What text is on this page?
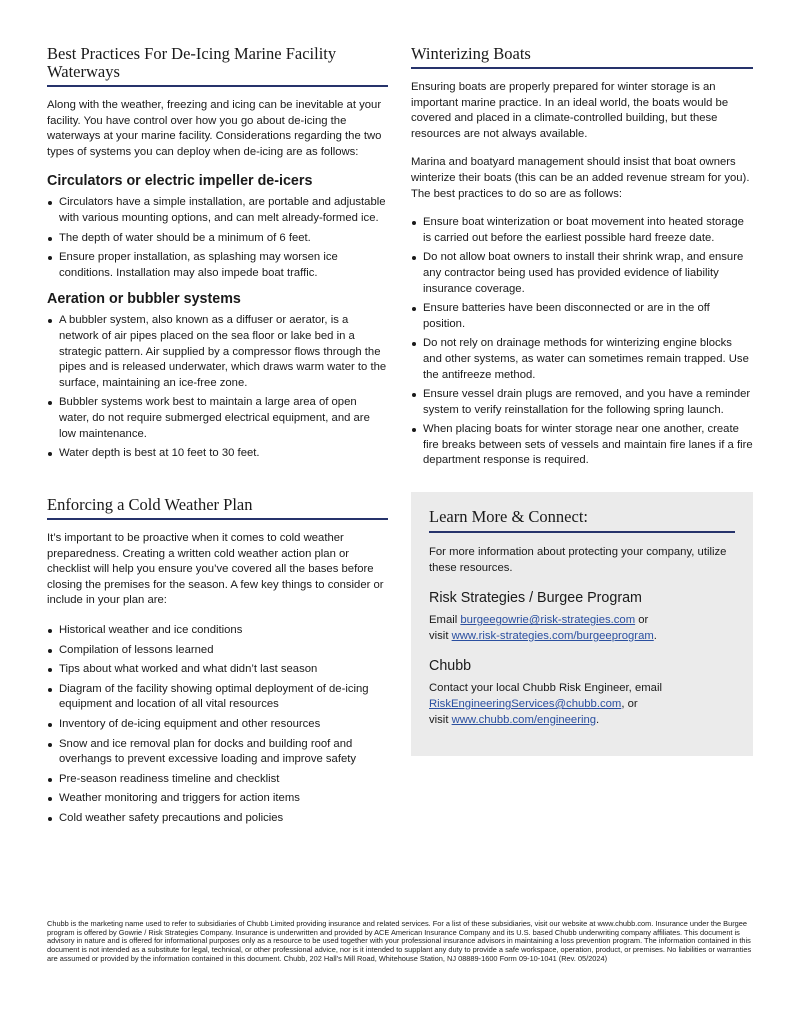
Best Practices For De-Icing Marine Facility Waterways

Along with the weather, freezing and icing can be inevitable at your facility. You have control over how you go about de-icing the waterways at your marine facility. Considerations regarding the two types of systems you can deploy when de-icing are as follows:

Circulators or electric impeller de-icers
Circulators have a simple installation, are portable and adjustable with various mounting options, and can melt already-formed ice.
The depth of water should be a minimum of 6 feet.
Ensure proper installation, as splashing may worsen ice conditions. Installation may also impede boat traffic.
Aeration or bubbler systems
A bubbler system, also known as a diffuser or aerator, is a network of air pipes placed on the sea floor or lake bed in a strategic pattern. Air supplied by a compressor flows through the pipes and is released underwater, which draws warm water to the surface, maintaining an ice-free zone.
Bubbler systems work best to maintain a large area of open water, do not require submerged electrical equipment, and are low maintenance.
Water depth is best at 10 feet to 30 feet.
Enforcing a Cold Weather Plan

It’s important to be proactive when it comes to cold weather preparedness. Creating a written cold weather action plan or checklist will help you ensure you’ve covered all the bases before closing the premises for the season. A few key things to consider or include in your plan are:

Historical weather and ice conditions
Compilation of lessons learned
Tips about what worked and what didn’t last season
Diagram of the facility showing optimal deployment of de-icing equipment and location of all vital resources
Inventory of de-icing equipment and other resources
Snow and ice removal plan for docks and building roof and overhangs to prevent excessive loading and improve safety
Pre-season readiness timeline and checklist
Weather monitoring and triggers for action items
Cold weather safety precautions and policies
Winterizing Boats

Ensuring boats are properly prepared for winter storage is an important marine practice. In an ideal world, the boats would be covered and placed in a climate-controlled building, but these resources are not always available.

Marina and boatyard management should insist that boat owners winterize their boats (this can be an added revenue stream for you). The best practices to do so are as follows:

Ensure boat winterization or boat movement into heated storage is carried out before the earliest possible hard freeze date.
Do not allow boat owners to install their shrink wrap, and ensure any contractor being used has provided evidence of liability insurance coverage.
Ensure batteries have been disconnected or are in the off position.
Do not rely on drainage methods for winterizing engine blocks and other systems, as water can sometimes remain trapped. Use the antifreeze method.
Ensure vessel drain plugs are removed, and you have a reminder system to verify reinstallation for the following spring launch.
When placing boats for winter storage near one another, create fire breaks between sets of vessels and maintain fire lanes if a fire department response is required.
Learn More & Connect:

For more information about protecting your company, utilize these resources.

Risk Strategies / Burgee Program

Email burgeegowrie@risk-strategies.com or
visit www.risk-strategies.com/burgeeprogram.

Chubb

Contact your local Chubb Risk Engineer, email
RiskEngineeringServices@chubb.com, or
visit www.chubb.com/engineering.

Chubb is the marketing name used to refer to subsidiaries of Chubb Limited providing insurance and related services. For a list of these subsidiaries, visit our website at www.chubb.com. Insurance under the Burgee program is offered by Gowrie / Risk Strategies Company. Insurance is underwritten and provided by ACE American Insurance Company and its U.S. based Chubb underwriting company affiliates. This document is advisory in nature and is offered for informational purposes only as a resource to be used together with your professional insurance advisors in maintaining a loss prevention program. The information contained in this document is not intended as a substitute for legal, technical, or other professional advice, nor is it intended to supplant any duty to provide a safe workspace, operation, product, or premises. No liabilities or warranties are assumed or provided by the information contained in this document. Chubb, 202 Hall’s Mill Road, Whitehouse Station, NJ 08889-1600 Form 09-10-1041 (Rev. 05/2024)
